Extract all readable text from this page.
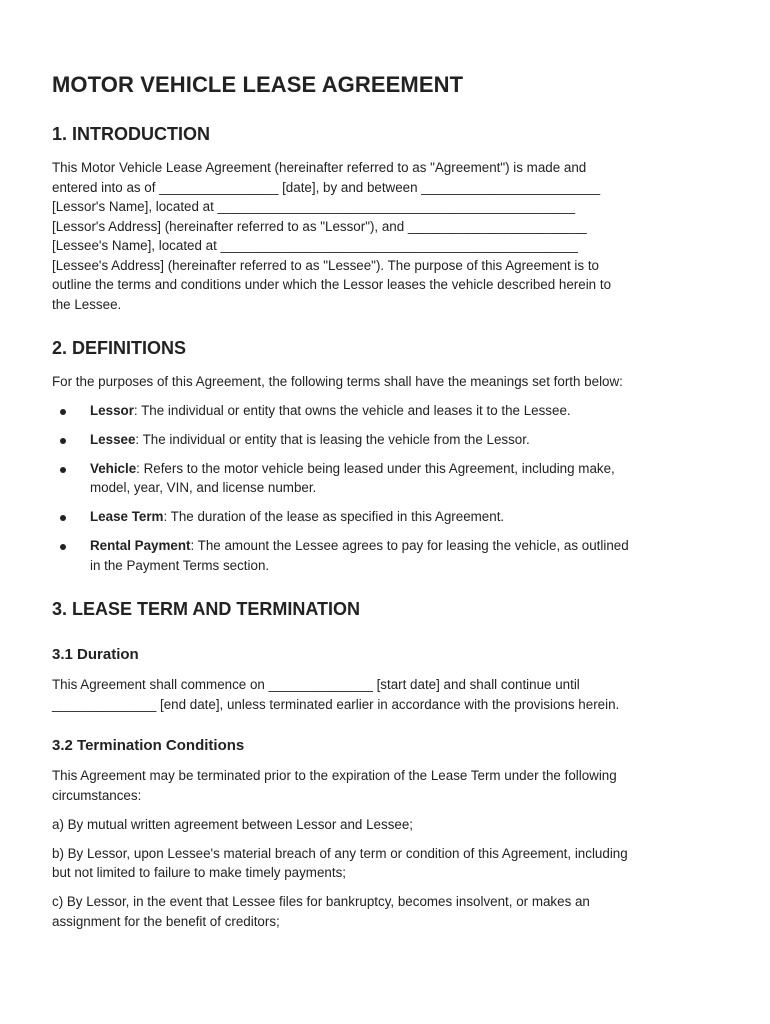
MOTOR VEHICLE LEASE AGREEMENT
1. INTRODUCTION

This Motor Vehicle Lease Agreement (hereinafter referred to as "Agreement") is made and

entered into as of ________________ [date], by and between ________________________

[Lessor's Name], located at ________________________________________________

[Lessor's Address] (hereinafter referred to as "Lessor"), and ________________________

[Lessee's Name], located at ________________________________________________

[Lessee's Address] (hereinafter referred to as "Lessee"). The purpose of this Agreement is to

outline the terms and conditions under which the Lessor leases the vehicle described herein to

the Lessee.

2. DEFINITIONS

For the purposes of this Agreement, the following terms shall have the meanings set forth below:

Lessor: The individual or entity that owns the vehicle and leases it to the Lessee.
Lessee: The individual or entity that is leasing the vehicle from the Lessor.
Vehicle: Refers to the motor vehicle being leased under this Agreement, including make,
model, year, VIN, and license number.
Lease Term: The duration of the lease as specified in this Agreement.
Rental Payment: The amount the Lessee agrees to pay for leasing the vehicle, as outlined
in the Payment Terms section.
3. LEASE TERM AND TERMINATION
3.1 Duration

This Agreement shall commence on ______________ [start date] and shall continue until

______________ [end date], unless terminated earlier in accordance with the provisions herein.

3.2 Termination Conditions

This Agreement may be terminated prior to the expiration of the Lease Term under the following

circumstances:

a) By mutual written agreement between Lessor and Lessee;

b) By Lessor, upon Lessee's material breach of any term or condition of this Agreement, including

but not limited to failure to make timely payments;

c) By Lessor, in the event that Lessee files for bankruptcy, becomes insolvent, or makes an

assignment for the benefit of creditors;
